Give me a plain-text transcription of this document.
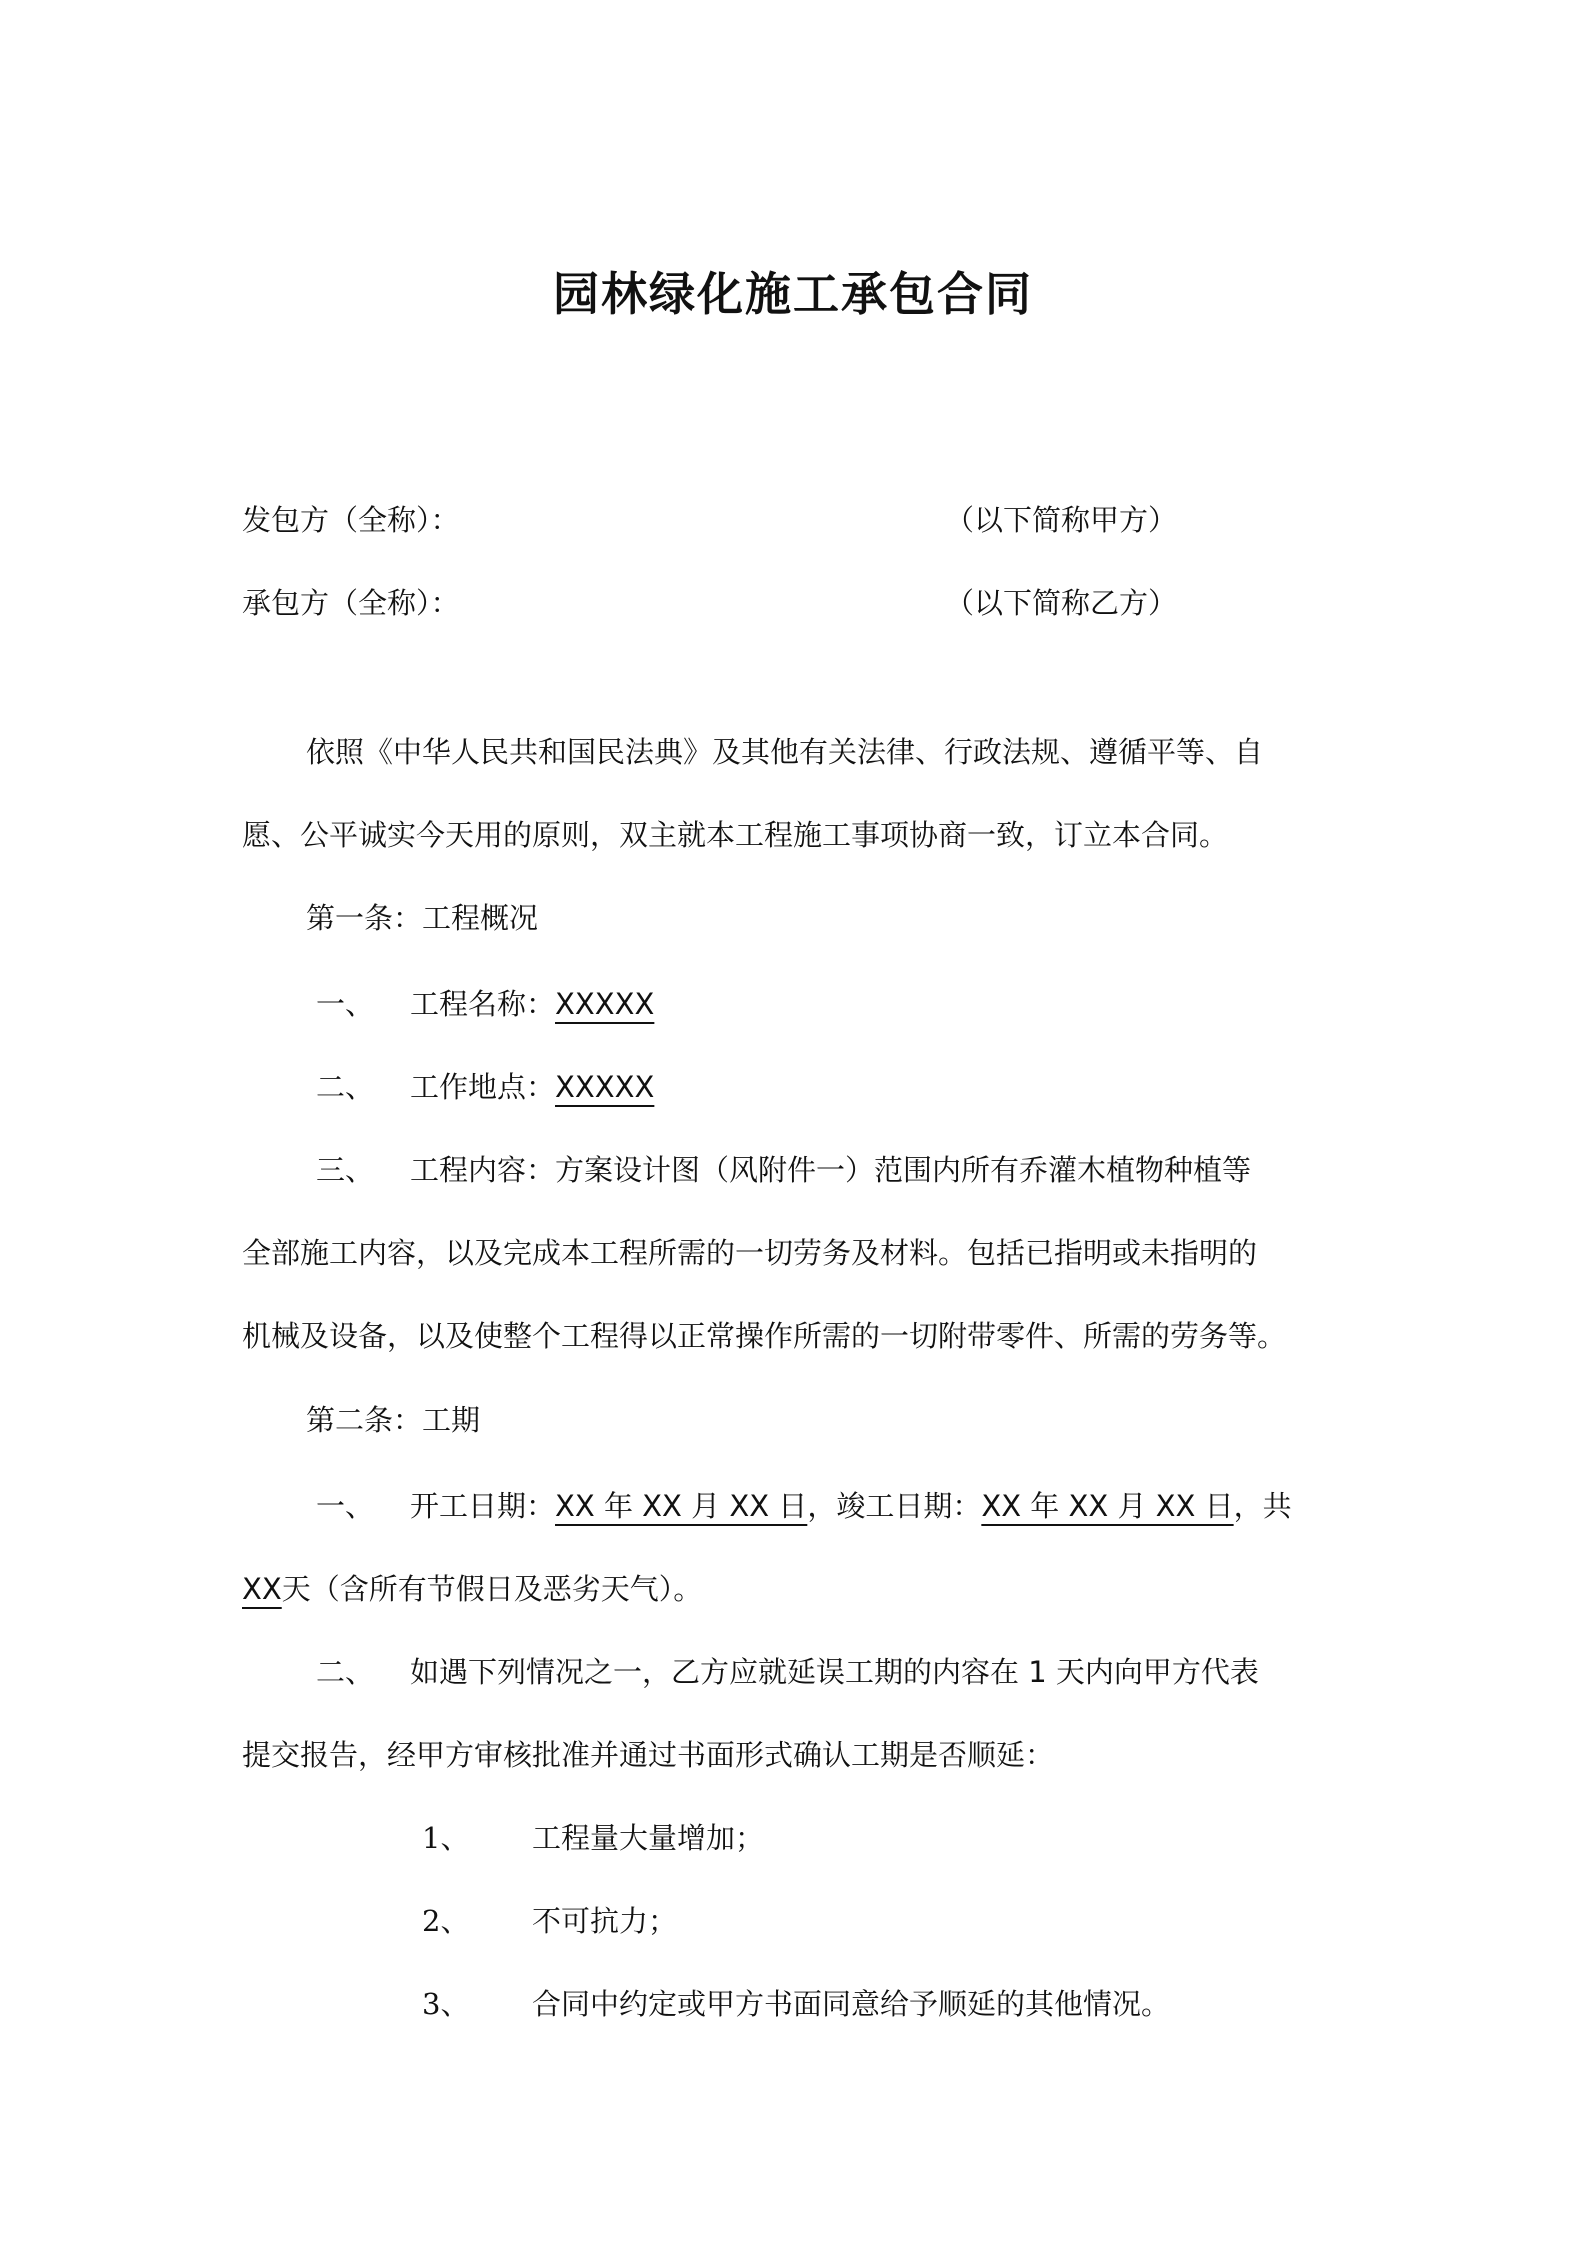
园林绿化施工承包合同
发包方（全称）：	（以下简称甲方）
承包方（全称）：	（以下简称乙方）
依照《中华人民共和国民法典》及其他有关法律、行政法规、遵循平等、自
愿、公平诚实今天用的原则，双主就本工程施工事项协商一致，订立本合同。
第一条：工程概况
一、 工程名称：XXXXX
二、 工作地点：XXXXX
三、 工程内容：方案设计图（风附件一）范围内所有乔灌木植物种植等
全部施工内容，以及完成本工程所需的一切劳务及材料。包括已指明或未指明的
机械及设备，以及使整个工程得以正常操作所需的一切附带零件、所需的劳务等。
第二条：工期
一、 开工日期：XX 年 XX 月 XX 日，竣工日期：XX 年 XX 月 XX 日，共
XX天（含所有节假日及恶劣天气）。
二、 如遇下列情况之一，乙方应就延误工期的内容在 1 天内向甲方代表
提交报告，经甲方审核批准并通过书面形式确认工期是否顺延：
1、 工程量大量增加；
2、 不可抗力；
3、 合同中约定或甲方书面同意给予顺延的其他情况。
